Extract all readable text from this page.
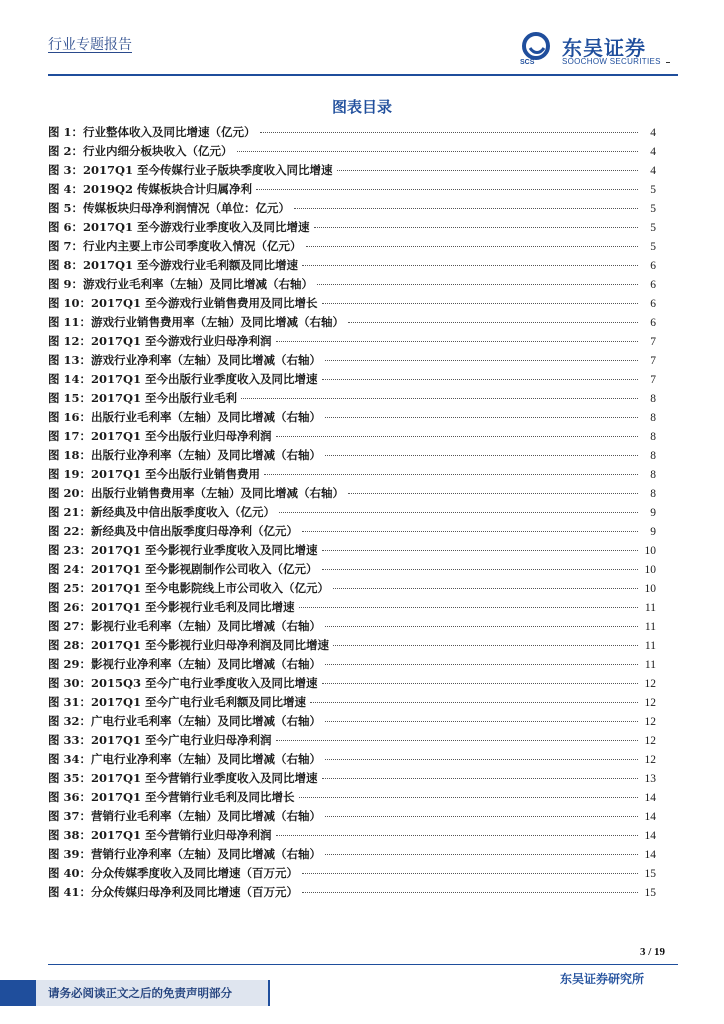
行业专题报告
SCS
东吴证券
SOOCHOW SECURITIES
图表目录
图 1：行业整体收入及同比增速（亿元）	4
图 2：行业内细分板块收入（亿元）	4
图 3：2017Q1 至今传媒行业子版块季度收入同比增速	4
图 4：2019Q2 传媒板块合计归属净利	5
图 5：传媒板块归母净利润情况（单位：亿元）	5
图 6：2017Q1 至今游戏行业季度收入及同比增速	5
图 7：行业内主要上市公司季度收入情况（亿元）	5
图 8：2017Q1 至今游戏行业毛利额及同比增速	6
图 9：游戏行业毛利率（左轴）及同比增减（右轴）	6
图 10：2017Q1 至今游戏行业销售费用及同比增长	6
图 11：游戏行业销售费用率（左轴）及同比增减（右轴）	6
图 12：2017Q1 至今游戏行业归母净利润	7
图 13：游戏行业净利率（左轴）及同比增减（右轴）	7
图 14：2017Q1 至今出版行业季度收入及同比增速	7
图 15：2017Q1 至今出版行业毛利	8
图 16：出版行业毛利率（左轴）及同比增减（右轴）	8
图 17：2017Q1 至今出版行业归母净利润	8
图 18：出版行业净利率（左轴）及同比增减（右轴）	8
图 19：2017Q1 至今出版行业销售费用	8
图 20：出版行业销售费用率（左轴）及同比增减（右轴）	8
图 21：新经典及中信出版季度收入（亿元）	9
图 22：新经典及中信出版季度归母净利（亿元）	9
图 23：2017Q1 至今影视行业季度收入及同比增速	10
图 24：2017Q1 至今影视剧制作公司收入（亿元）	10
图 25：2017Q1 至今电影院线上市公司收入（亿元）	10
图 26：2017Q1 至今影视行业毛利及同比增速	11
图 27：影视行业毛利率（左轴）及同比增减（右轴）	11
图 28：2017Q1 至今影视行业归母净利润及同比增速	11
图 29：影视行业净利率（左轴）及同比增减（右轴）	11
图 30：2015Q3 至今广电行业季度收入及同比增速	12
图 31：2017Q1 至今广电行业毛利额及同比增速	12
图 32：广电行业毛利率（左轴）及同比增减（右轴）	12
图 33：2017Q1 至今广电行业归母净利润	12
图 34：广电行业净利率（左轴）及同比增减（右轴）	12
图 35：2017Q1 至今营销行业季度收入及同比增速	13
图 36：2017Q1 至今营销行业毛利及同比增长	14
图 37：营销行业毛利率（左轴）及同比增减（右轴）	14
图 38：2017Q1 至今营销行业归母净利润	14
图 39：营销行业净利率（左轴）及同比增减（右轴）	14
图 40：分众传媒季度收入及同比增速（百万元）	15
图 41：分众传媒归母净利及同比增速（百万元）	15
3 / 19
东吴证券研究所
请务必阅读正文之后的免责声明部分
